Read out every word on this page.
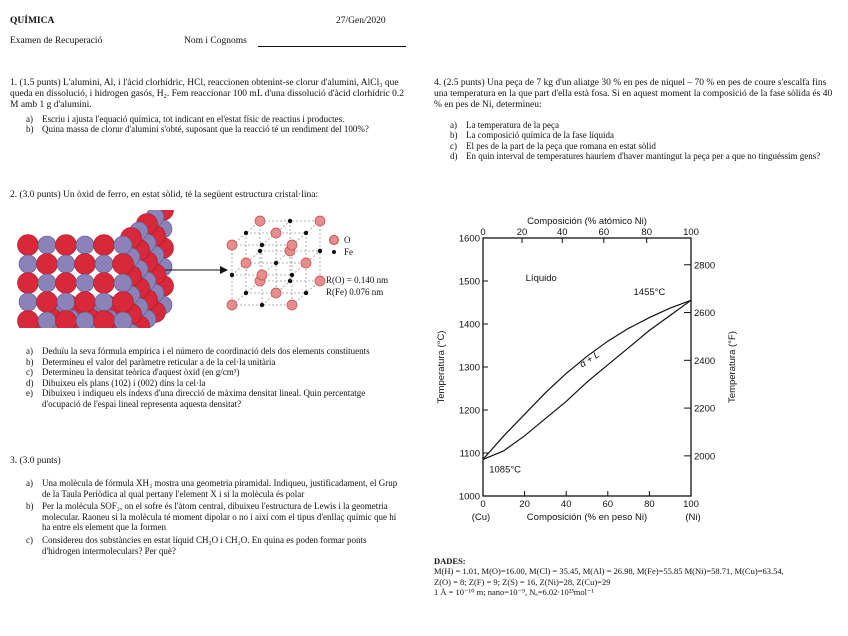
QUÍMICA	27/Gen/2020
Examen de Recuperació	Nom i Cognoms
1. (1.5 punts) L'alumini, Al, i l'àcid clorhídric, HCl, reaccionen obtenint-se clorur d'alumini, AlCl₃ que queda en dissolució, i hidrogen gasós, H₂. Fem reaccionar 100 mL d'una dissolució d'àcid clorhídric 0.2 M amb 1 g d'alumini.
a)	Escriu i ajusta l'equació química, tot indicant en el'estat físic de reactius i productes.
b) Quina massa de clorur d'alumini s'obté, suposant que la reacció té un rendiment del 100%?
2. (3.0 punts) Un òxid de ferro, en estat sòlid, té la següent estructura cristal·lina:
O
Fe
R(O) = 0.140 nm
R(Fe) 0.076 nm
a)	Deduïu la seva fórmula empírica i el número de coordinació dels dos elements constituents
b) Determineu el valor del paràmetre reticular a de la cel·la unitària
c)	Determineu la densitat teòrica d'aquest òxid (en g/cm³)
d) Dibuixeu els plans (102) i (002) dins la cel·la
e)	Dibuixeu i indiqueu els índexs d'una direcció de màxima densitat lineal. Quin percentatge d'ocupació de l'espai lineal representa aquesta densitat?
3. (3.0 punts)
a)	Una molècula de fórmula XH₃ mostra una geometria piramidal. Indiqueu, justificadament, el Grup de la Taula Periòdica al qual pertany l'element X i si la molècula és polar
b) Per la molècula SOF₂, on el sofre és l'àtom central, dibuixeu l'estructura de Lewis i la geometria molecular. Raoneu si la molècula té moment dipolar o no i així com el tipus d'enllaç químic que hi ha entre els element que la formen
c)	Considereu dos substàncies en estat líquid CH₃O i CH₂O. En quina es poden formar ponts d'hidrogen intermoleculars? Per què?
4. (2.5 punts) Una peça de 7 kg d'un aliatge 30 % en pes de níquel – 70 % en pes de coure s'escalfa fins una temperatura en la que part d'ella està fosa. Si en aquest moment la composició de la fase sòlida és 40 % en pes de Ni, determineu:
a)	La temperatura de la peça
b) La composició química de la fase líquida
c)	El pes de la part de la peça que romana en estat sòlid
d) En quin interval de temperatures hauríem d'haver mantingut la peça per a que no tinguéssim gens?
0	20	40	60	80	100
0	20	40	60	80	100
1000
1100
1200
1300
1400
1500
1600
2000
2200
2400
2600
2800
Composición (% atómico Ni)
Composición (% en peso Ni)
(Cu)	(Ni)
Temperatura (°C)	Temperatura (°F)
Líquido
1455°C
1085°C
α + L
DADES:
M(H) = 1.01, M(O)=16.00, M(Cl) = 35.45, M(Al) = 26.98, M(Fe)=55.85 M(Ni)=58.71, M(Cu)=63.54,
Z(O) = 8; Z(F) = 9; Z(S) = 16, Z(Ni)=28, Z(Cu)=29
1 Å = 10⁻¹⁰ m; nano=10⁻⁹, Nₐ=6.02·10²³mol⁻¹
